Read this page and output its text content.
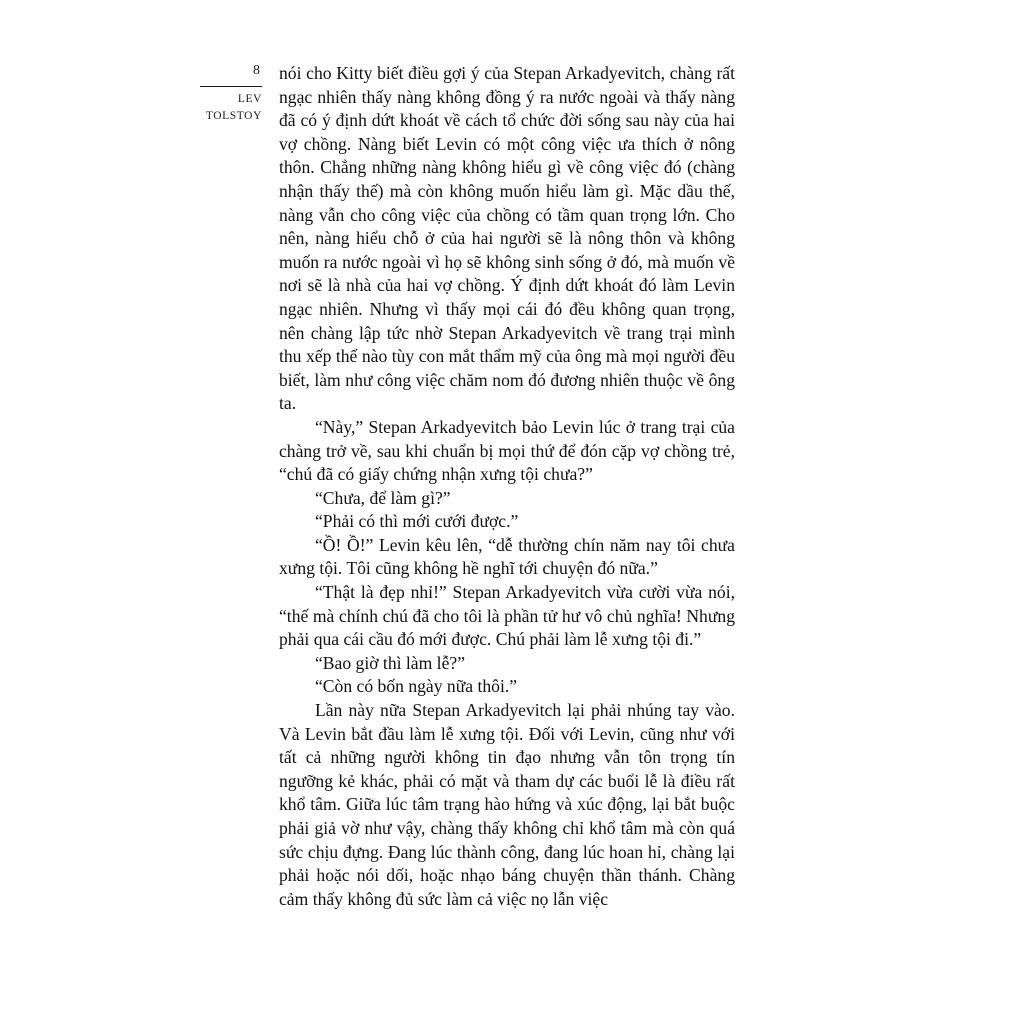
8
LEV
TOLSTOY

nói cho Kitty biết điều gợi ý của Stepan Arkadyevitch, chàng rất ngạc nhiên thấy nàng không đồng ý ra nước ngoài và thấy nàng đã có ý định dứt khoát về cách tổ chức đời sống sau này của hai vợ chồng. Nàng biết Levin có một công việc ưa thích ở nông thôn. Chẳng những nàng không hiểu gì về công việc đó (chàng nhận thấy thế) mà còn không muốn hiểu làm gì. Mặc dầu thế, nàng vẫn cho công việc của chồng có tầm quan trọng lớn. Cho nên, nàng hiểu chỗ ở của hai người sẽ là nông thôn và không muốn ra nước ngoài vì họ sẽ không sinh sống ở đó, mà muốn về nơi sẽ là nhà của hai vợ chồng. Ý định dứt khoát đó làm Levin ngạc nhiên. Nhưng vì thấy mọi cái đó đều không quan trọng, nên chàng lập tức nhờ Stepan Arkadyevitch về trang trại mình thu xếp thế nào tùy con mắt thẩm mỹ của ông mà mọi người đều biết, làm như công việc chăm nom đó đương nhiên thuộc về ông ta.

“Này,” Stepan Arkadyevitch bảo Levin lúc ở trang trại của chàng trở về, sau khi chuẩn bị mọi thứ để đón cặp vợ chồng trẻ, “chú đã có giấy chứng nhận xưng tội chưa?”

“Chưa, để làm gì?”

“Phải có thì mới cưới được.”

“Ồ! Ồ!” Levin kêu lên, “dễ thường chín năm nay tôi chưa xưng tội. Tôi cũng không hề nghĩ tới chuyện đó nữa.”

“Thật là đẹp nhỉ!” Stepan Arkadyevitch vừa cười vừa nói, “thế mà chính chú đã cho tôi là phần tử hư vô chủ nghĩa! Nhưng phải qua cái cầu đó mới được. Chú phải làm lễ xưng tội đi.”

“Bao giờ thì làm lễ?”

“Còn có bốn ngày nữa thôi.”

Lần này nữa Stepan Arkadyevitch lại phải nhúng tay vào. Và Levin bắt đầu làm lễ xưng tội. Đối với Levin, cũng như với tất cả những người không tin đạo nhưng vẫn tôn trọng tín ngưỡng kẻ khác, phải có mặt và tham dự các buổi lễ là điều rất khổ tâm. Giữa lúc tâm trạng hào hứng và xúc động, lại bắt buộc phải giả vờ như vậy, chàng thấy không chỉ khổ tâm mà còn quá sức chịu đựng. Đang lúc thành công, đang lúc hoan hỉ, chàng lại phải hoặc nói dối, hoặc nhạo báng chuyện thần thánh. Chàng cảm thấy không đủ sức làm cả việc nọ lẫn việc
